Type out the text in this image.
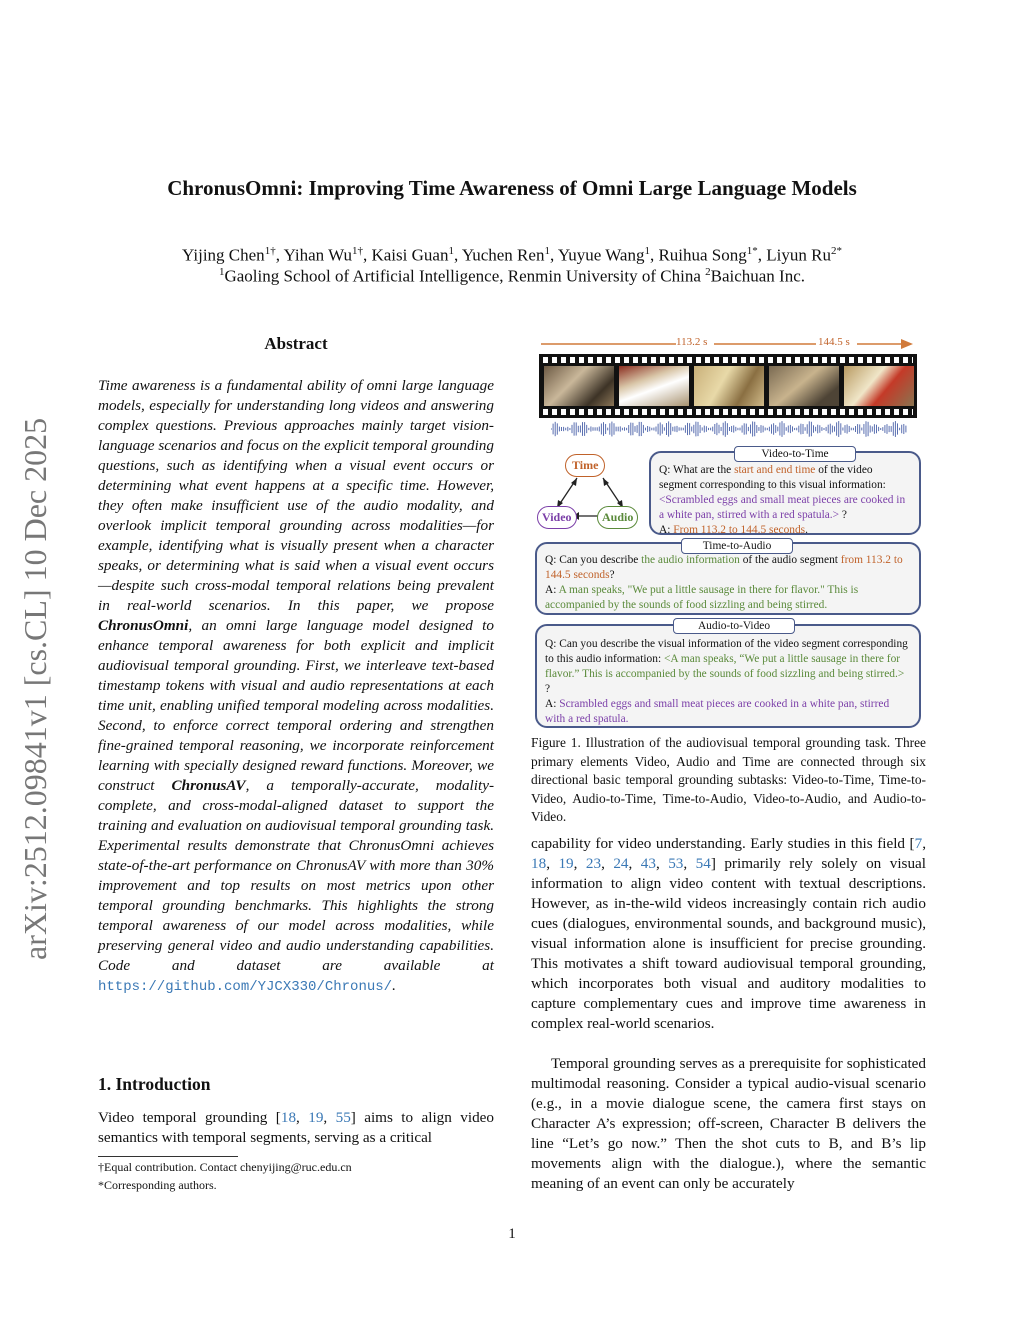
ChronusOmni: Improving Time Awareness of Omni Large Language Models
Yijing Chen$^{1\dagger}$, Yihan $Wu^{1\dagger}$, Kaisi Guan$^1$, Yuchen Ren$^1$, Yuyue Wang$^1$, Ruihua Song$^{1*}$, Liyun $Ru^{2*}$
$^1$Gaoling School of Artificial Intelligence, Renmin University of China $^2$Baichuan Inc.
arXiv:2512.09841v1 [cs.CL] 10 Dec 2025
Abstract
Time awareness is a fundamental ability of omni large language models, especially for understanding long videos and answering complex questions. Previous approaches mainly target vision-language scenarios and focus on the explicit temporal grounding questions, such as identifying when a visual event occurs or determining what event happens at a specific time. However, they often make insufficient use of the audio modality, and overlook implicit temporal grounding across modalities—for example, identifying what is visually present when a character speaks, or determining what is said when a visual event occurs—despite such cross-modal temporal relations being prevalent in real-world scenarios. In this paper, we propose ChronusOmni, an omni large language model designed to enhance temporal awareness for both explicit and implicit audiovisual temporal grounding. First, we interleave text-based timestamp tokens with visual and audio representations at each time unit, enabling unified temporal modeling across modalities. Second, to enforce correct temporal ordering and strengthen fine-grained temporal reasoning, we incorporate reinforcement learning with specially designed reward functions. Moreover, we construct ChronusAV, a temporally-accurate, modality-complete, and cross-modal-aligned dataset to support the training and evaluation on audiovisual temporal grounding task. Experimental results demonstrate that ChronusOmni achieves state-of-the-art performance on ChronusAV with more than 30% improvement and top results on most metrics upon other temporal grounding benchmarks. This highlights the strong temporal awareness of our model across modalities, while preserving general video and audio understanding capabilities. Code and dataset are available at https://github.com/YJCX330/Chronus/.
1. Introduction
Video temporal grounding [18, 19, 55] aims to align video semantics with temporal segments, serving as a critical
†Equal contribution. Contact chenyijing@ruc.edu.cn
*Corresponding authors.
113.2 s	144.5 s
Time
Video	Audio
Q: What are the start and end time of the video segment corresponding to this visual information: <Scrambled eggs and small meat pieces are cooked in a white pan, stirred with a red spatula.> ?
A: From 113.2 to 144.5 seconds.
Video-to-Time
Q: Can you describe the audio information of the audio segment from 113.2 to 144.5 seconds?
A: A man speaks, "We put a little sausage in there for flavor." This is accompanied by the sounds of food sizzling and being stirred.
Time-to-Audio
Q: Can you describe the visual information of the video segment corresponding to this audio information: <A man speaks, “We put a little sausage in there for flavor.” This is accompanied by the sounds of food sizzling and being stirred.> ?
A: Scrambled eggs and small meat pieces are cooked in a white pan, stirred with a red spatula.
Audio-to-Video
Figure 1. Illustration of the audiovisual temporal grounding task. Three primary elements Video, Audio and Time are connected through six directional basic temporal grounding subtasks: Video-to-Time, Time-to-Video, Audio-to-Time, Time-to-Audio, Video-to-Audio, and Audio-to-Video.
capability for video understanding. Early studies in this field [7, 18, 19, 23, 24, 43, 53, 54] primarily rely solely on visual information to align video content with textual descriptions. However, as in-the-wild videos increasingly contain rich audio cues (dialogues, environmental sounds, and background music), visual information alone is insufficient for precise grounding. This motivates a shift toward audiovisual temporal grounding, which incorporates both visual and auditory modalities to capture complementary cues and improve time awareness in complex real-world scenarios.
Temporal grounding serves as a prerequisite for sophisticated multimodal reasoning. Consider a typical audio-visual scenario (e.g., in a movie dialogue scene, the camera first stays on Character A’s expression; off-screen, Character B delivers the line “Let’s go now.” Then the shot cuts to B, and B’s lip movements align with the dialogue.), where the semantic meaning of an event can only be accurately
1
